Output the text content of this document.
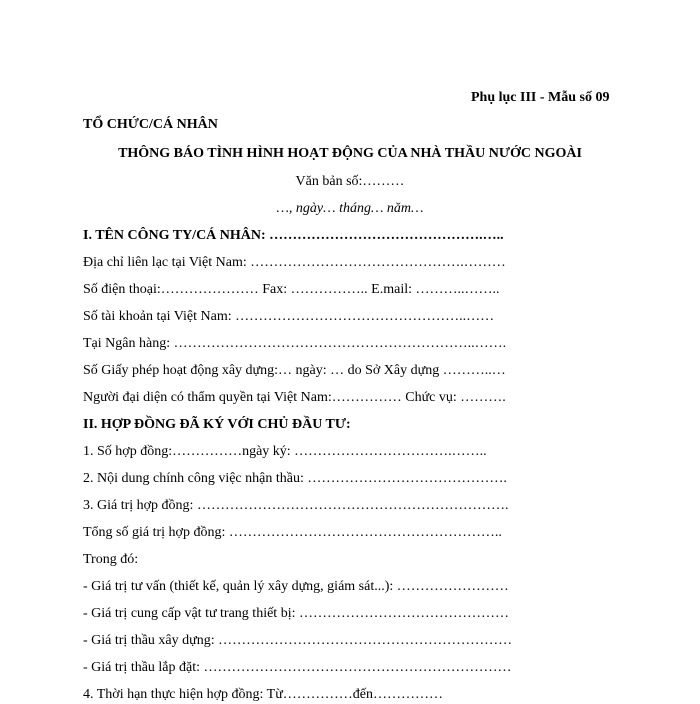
Phụ lục III - Mẫu số 09
TỔ CHỨC/CÁ NHÂN
THÔNG BÁO TÌNH HÌNH HOẠT ĐỘNG CỦA NHÀ THẦU NƯỚC NGOÀI
Văn bản số:………
…, ngày… tháng… năm…
I. TÊN CÔNG TY/CÁ NHÂN: ……………………………………….…..
Địa chỉ liên lạc tại Việt Nam: ……………………………………….………
Số điện thoại:………………… Fax: …………….. E.mail: ………..……..
Số tài khoản tại Việt Nam: …………………………………………..……
Tại Ngân hàng: ………………………………………………………..…….
Số Giấy phép hoạt động xây dựng:… ngày: … do Sở Xây dựng ………..…
Người đại diện có thẩm quyền tại Việt Nam:…………… Chức vụ: ……….
II. HỢP ĐỒNG ĐÃ KÝ VỚI CHỦ ĐẦU TƯ:
1. Số hợp đồng:……………ngày ký: …………………………….……..
2. Nội dung chính công việc nhận thầu: …………………………………….
3. Giá trị hợp đồng: ………………………………………………………….
Tổng số giá trị hợp đồng: …………………………………………………..
Trong đó:
- Giá trị tư vấn (thiết kế, quản lý xây dựng, giám sát...): ……………………
- Giá trị cung cấp vật tư trang thiết bị: ………………………………………
- Giá trị thầu xây dựng: ………………………………………………………
- Giá trị thầu lắp đặt: …………………………………………………………
4. Thời hạn thực hiện hợp đồng: Từ……………đến……………
